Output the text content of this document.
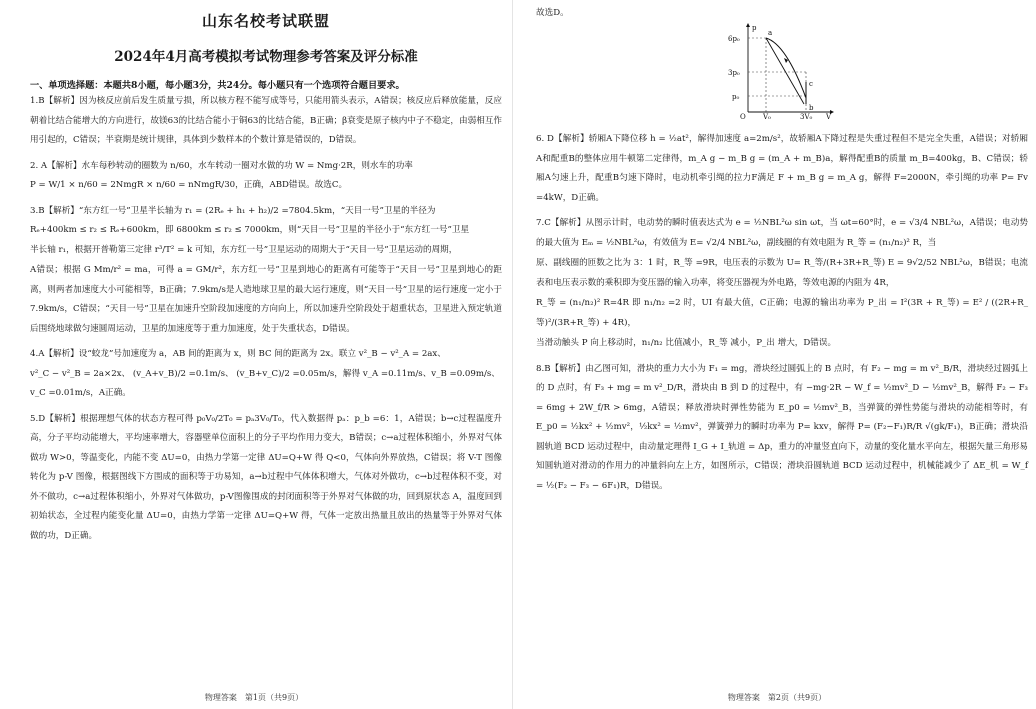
山东名校考试联盟
2024年4月高考模拟考试物理参考答案及评分标准
一、单项选择题：本题共8小题，每小题3分，共24分。每小题只有一个选项符合题目要求。
1.B【解析】因为核反应前后发生质量亏损，所以核方程不能写成等号，只能用箭头表示，A错误；核反应后释放能量，反应朝着比结合能增大的方向进行，故镁63的比结合能小于铜63的比结合能，B正确；β衰变是原子核内中子不稳定，由弱相互作用引起的，C错误；半衰期是统计规律，具体到少数样本的个数计算是错误的，D错误。
2. A【解析】水车每秒转动的圈数为 n/60，水车转动一圈对水做的功 W = Nmg·2R，则水车的功率
P = W/1 × n/60 = 2NmgR × n/60 = nNmgR/30，正确，ABD错误。故选C。
3.B【解析】“东方红一号”卫星半长轴为 r₁ = (2Rₑ + h₁ + h₂)/2 =7804.5km，“天目一号”卫星的半径为
Rₑ+400km ≤ r₂ ≤ Rₑ+600km，即 6800km ≤ r₂ ≤ 7000km，则“天目一号”卫星的半径小于“东方红一号”卫星
半长轴 r₁，根据开普勒第三定律 r³/T² = k 可知，东方红一号”卫星运动的周期大于“天目一号”卫星运动的周期，
A错误；根据 G Mm/r² = ma，可得 a = GM/r²，东方红一号”卫星到地心的距离有可能等于“天目一号”卫星到地心的距离，则两者加速度大小可能相等，B正确；7.9km/s是人造地球卫星的最大运行速度，则“天目一号”卫星的运行速度一定小于7.9km/s，C错误；“天目一号”卫星在加速升空阶段加速度的方向向上，所以加速升空阶段处于超重状态，卫星进入预定轨道后围绕地球做匀速圆周运动，卫星的加速度等于重力加速度，处于失重状态，D错误。
4.A【解析】设“蛟龙”号加速度为 a，AB 间的距离为 x，则 BC 间的距离为 2x。联立 v²_B − v²_A = 2ax、
v²_C − v²_B = 2a×2x、 (v_A+v_B)/2 =0.1m/s、 (v_B+v_C)/2 =0.05m/s，解得 v_A =0.11m/s、v_B =0.09m/s、v_C =0.01m/s，A正确。
5.D【解析】根据理想气体的状态方程可得 p₀V₀/2T₀ = pₐ3V₀/T₀，代入数据得 pₐ：p_b =6：1，A错误；b→c过程温度升高，分子平均动能增大，平均速率增大，容器壁单位面积上的分子平均作用力变大，B错误；c→a过程体积缩小，外界对气体做功 W>0，等温变化，内能不变 ΔU=0，由热力学第一定律 ΔU=Q+W 得 Q<0，气体向外界放热，C错误；将 V-T 图像转化为 p-V 图像，根据图线下方围成的面积等于功易知，a→b过程中气体体积增大，气体对外做功，c→b过程体积不变，对外不做功，c→a过程体积缩小，外界对气体做功，p-V图像围成的封闭面积等于外界对气体做的功，回到原状态 A，温度回到初始状态，全过程内能变化量 ΔU=0，由热力学第一定律 ΔU=Q+W 得，气体一定放出热量且放出的热量等于外界对气体做的功，D正确。
物理答案　第1页（共9页）
故选D。
6p₀
3p₀
p₀
V₀	3V₀
O
p
V
a
b
c
6. D【解析】轿厢A下降位移 h = ½at²，解得加速度 a=2m/s²，故轿厢A下降过程是失重过程但不是完全失重，A错误；对轿厢A和配重B的整体应用牛顿第二定律得，m_A g − m_B g = (m_A + m_B)a，解得配重B的质量 m_B=400kg，B、C错误；轿厢A匀速上升，配重B匀速下降时，电动机牵引绳的拉力F满足 F + m_B g = m_A g，解得 F=2000N，牵引绳的功率 P= Fv =4kW，D正确。
7.C【解析】从图示计时，电动势的瞬时值表达式为 e = ½NBL²ω sin ωt，当 ωt=60°时，e = √3/4 NBL²ω，A错误；电动势的最大值为 Eₘ = ½NBL²ω，有效值为 E= √2/4 NBL²ω，副线圈的有效电阻为 R_等 = (n₁/n₂)² R，当
原、副线圈的匝数之比为 3：1 时，R_等 =9R，电压表的示数为 U= R_等/(R+3R+R_等) E = 9√2/52 NBL²ω，B错误；电流表和电压表示数的乘积即为变压器的输入功率，将变压器视为外电路，等效电源的内阻为 4R，
R_等 = (n₁/n₂)² R=4R 即 n₁/n₂ =2 时，UI 有最大值，C正确；电源的输出功率为 P_出 = I²(3R + R_等) = E² / ((2R+R_等)²/(3R+R_等) + 4R)，
当滑动触头 P 向上移动时，n₁/n₂ 比值减小，R_等 减小，P_出 增大，D错误。
8.B【解析】由乙图可知，滑块的重力大小为 F₁ = mg，滑块经过圆弧上的 B 点时，有 F₂ − mg = m v²_B/R，滑块经过圆弧上的 D 点时，有 F₃ + mg = m v²_D/R，滑块由 B 到 D 的过程中，有 −mg·2R − W_f = ½mv²_D − ½mv²_B，解得 F₂ − F₃ = 6mg + 2W_f/R > 6mg，A错误；释放滑块时弹性势能为 E_p0 = ½mv²_B，当弹簧的弹性势能与滑块的动能相等时，有 E_p0 = ½kx² + ½mv²，½kx² = ½mv²，弹簧弹力的瞬时功率为 P= kxv，解得 P= (F₂−F₁)R/R √(gk/F₁)，B正确；滑块沿圆轨道 BCD 运动过程中，由动量定理得 I_G + I_轨道 = Δp，重力的冲量竖直向下，动量的变化量水平向左，根据矢量三角形易知圆轨道对滑动的作用力的冲量斜向左上方，如图所示，C错误；滑块沿圆轨道 BCD 运动过程中，机械能减少了 ΔE_机 = W_f = ½(F₂ − F₃ − 6F₁)R，D错误。
物理答案　第2页（共9页）
